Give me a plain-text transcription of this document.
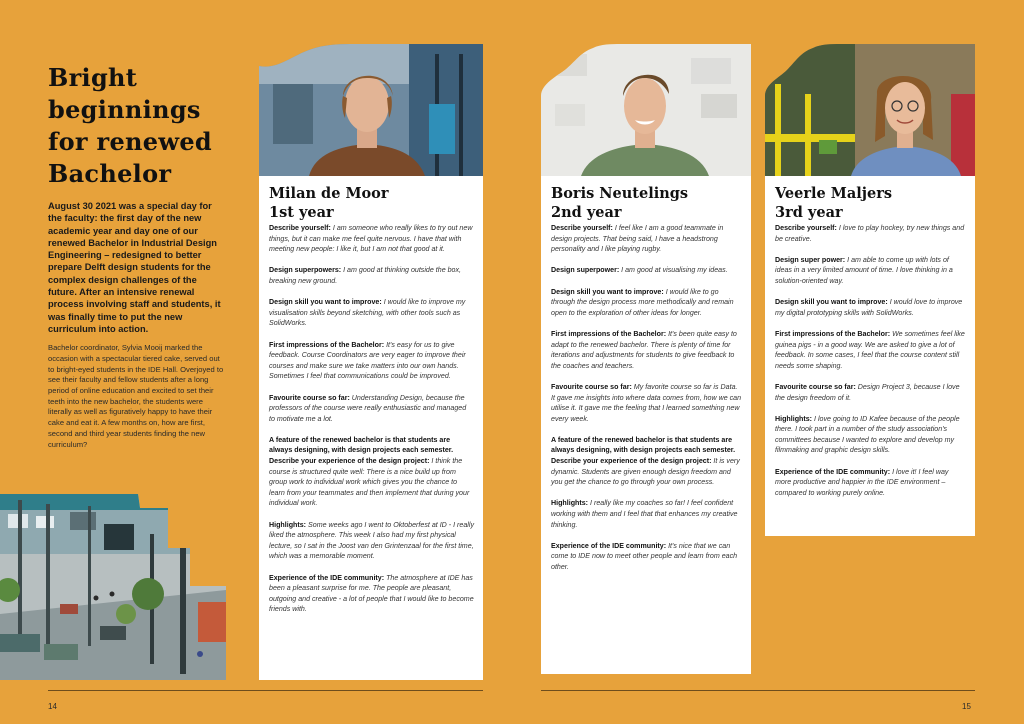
Bright
beginnings
for renewed
Bachelor

August 30 2021 was a special day for the faculty: the first day of the new academic year and day one of our renewed Bachelor in Industrial Design Engineering – redesigned to better prepare Delft design students for the complex design challenges of the future. After an intensive renewal process involving staff and students, it was finally time to put the new curriculum into action.

Bachelor coordinator, Sylvia Mooij marked the occasion with a spectacular tiered cake, served out to bright-eyed students in the IDE Hall. Overjoyed to see their faculty and fellow students after a long period of online education and excited to set their teeth into the new bachelor, the students were literally as well as figuratively happy to have their cake and eat it. A few months on, how are first, second and third year students finding the new curriculum?

Milan de Moor
1st year

Describe yourself: I am someone who really likes to try out new things, but it can make me feel quite nervous. I have that with meeting new people: I like it, but I am not that good at it.

Design superpowers: I am good at thinking outside the box, breaking new ground.

Design skill you want to improve: I would like to improve my visualisation skills beyond sketching, with other tools such as SolidWorks.

First impressions of the Bachelor: It's easy for us to give feedback. Course Coordinators are very eager to improve their courses and make sure we take matters into our own hands. Sometimes I feel that communications could be improved.

Favourite course so far: Understanding Design, because the professors of the course were really enthusiastic and managed to motivate me a lot.

A feature of the renewed bachelor is that students are always designing, with design projects each semester. Describe your experience of the design project: I think the course is structured quite well: There is a nice build up from group work to individual work which gives you the chance to learn from your teammates and then implement that during your individual work.

Highlights: Some weeks ago I went to Oktoberfest at ID - I really liked the atmosphere. This week I also had my first physical lecture, so I sat in the Joost van den Grintenzaal for the first time, which was a memorable moment.

Experience of the IDE community: The atmosphere at IDE has been a pleasant surprise for me. The people are pleasant, outgoing and creative - a lot of people that I would like to become friends with.

Boris Neutelings
2nd year

Describe yourself: I feel like I am a good teammate in design projects. That being said, I have a headstrong personality and I like playing rugby.

Design superpower: I am good at visualising my ideas.

Design skill you want to improve: I would like to go through the design process more methodically and remain open to the exploration of other ideas for longer.

First impressions of the Bachelor: It's been quite easy to adapt to the renewed bachelor. There is plenty of time for iterations and adjustments for students to give feedback to the coaches and teachers.

Favourite course so far: My favorite course so far is Data. It gave me insights into where data comes from, how we can utilise it. It gave me the feeling that I learned something new every week.

A feature of the renewed bachelor is that students are always designing, with design projects each semester. Describe your experience of the design project: It is very dynamic. Students are given enough design freedom and you get the chance to go through your own process.

Highlights: I really like my coaches so far! I feel confident working with them and I feel that that enhances my creative thinking.

Experience of the IDE community: It's nice that we can come to IDE now to meet other people and learn from each other.

Veerle Maljers
3rd year

Describe yourself: I love to play hockey, try new things and be creative.

Design super power: I am able to come up with lots of ideas in a very limited amount of time. I love thinking in a solution-oriented way.

Design skill you want to improve: I would love to improve my digital prototyping skills with SolidWorks.

First impressions of the Bachelor: We sometimes feel like guinea pigs - in a good way. We are asked to give a lot of feedback. In some cases, I feel that the course content still needs some shaping.

Favourite course so far: Design Project 3, because I love the design freedom of it.

Highlights: I love going to ID Kafee because of the people there. I took part in a number of the study association's committees because I wanted to explore and develop my filmmaking and graphic design skills.

Experience of the IDE community: I love it! I feel way more productive and happier in the IDE environment – compared to working purely online.

14	15
